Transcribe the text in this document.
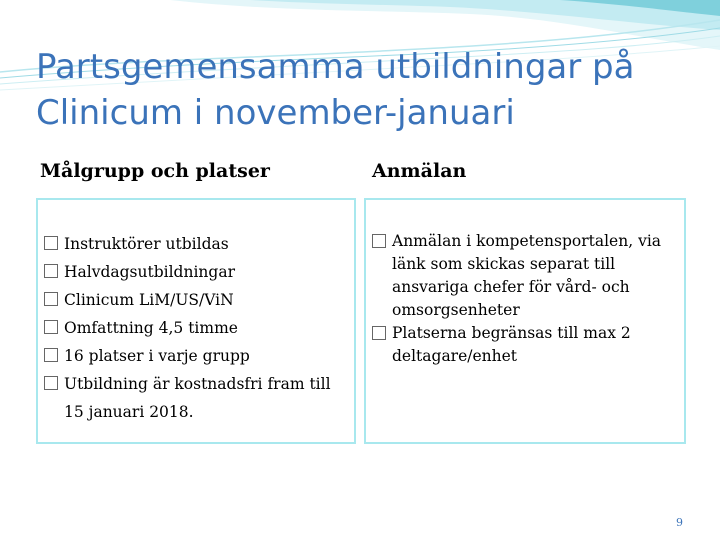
Partsgemensamma utbildningar på Clinicum i november-januari
Målgrupp och platser	Anmälan
Instruktörer utbildas
Halvdagsutbildningar
Clinicum LiM/US/ViN
Omfattning 4,5 timme
16 platser i varje grupp
Utbildning är kostnadsfri fram till 15 januari 2018.
Anmälan i kompetensportalen, via länk som skickas separat till ansvariga chefer för vård- och omsorgsenheter
Platserna begränsas till max 2 deltagare/enhet
9
